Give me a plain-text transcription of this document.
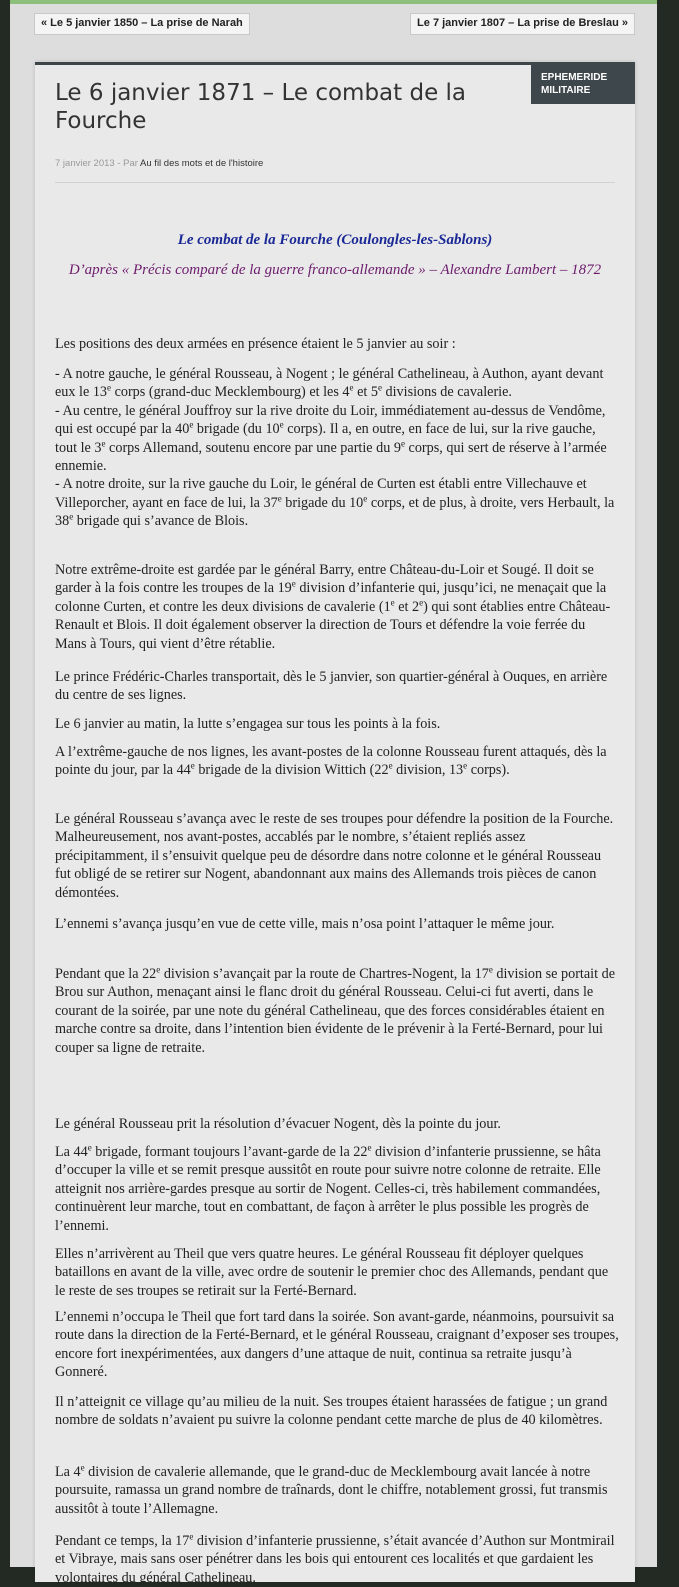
« Le 5 janvier 1850 – La prise de Narah	Le 7 janvier 1807 – La prise de Breslau »
EPHEMERIDE
MILITAIRE
Le 6 janvier 1871 – Le combat de la Fourche
7 janvier 2013 - Par Au fil des mots et de l'histoire
Le combat de la Fourche (Coulongles-les-Sablons)
D’après « Précis comparé de la guerre franco-allemande » – Alexandre Lambert – 1872

Les positions des deux armées en présence étaient le 5 janvier au soir :

- A notre gauche, le général Rousseau, à Nogent ; le général Cathelineau, à Authon, ayant devant eux le 13e corps (grand-duc Mecklembourg) et les 4e et 5e divisions de cavalerie.
- Au centre, le général Jouffroy sur la rive droite du Loir, immédiatement au-dessus de Vendôme, qui est occupé par la 40e brigade (du 10e corps). Il a, en outre, en face de lui, sur la rive gauche, tout le 3e corps Allemand, soutenu encore par une partie du 9e corps, qui sert de réserve à l’armée ennemie.
- A notre droite, sur la rive gauche du Loir, le général de Curten est établi entre Villechauve et Villeporcher, ayant en face de lui, la 37e brigade du 10e corps, et de plus, à droite, vers Herbault, la 38e brigade qui s’avance de Blois.

Notre extrême-droite est gardée par le général Barry, entre Château-du-Loir et Sougé. Il doit se garder à la fois contre les troupes de la 19e division d’infanterie qui, jusqu’ici, ne menaçait que la colonne Curten, et contre les deux divisions de cavalerie (1e et 2e) qui sont établies entre Château-Renault et Blois. Il doit également observer la direction de Tours et défendre la voie ferrée du Mans à Tours, qui vient d’être rétablie.

Le prince Frédéric-Charles transportait, dès le 5 janvier, son quartier-général à Ouques, en arrière du centre de ses lignes.

Le 6 janvier au matin, la lutte s’engagea sur tous les points à la fois.

A l’extrême-gauche de nos lignes, les avant-postes de la colonne Rousseau furent attaqués, dès la pointe du jour, par la 44e brigade de la division Wittich (22e division, 13e corps).

Le général Rousseau s’avança avec le reste de ses troupes pour défendre la position de la Fourche. Malheureusement, nos avant-postes, accablés par le nombre, s’étaient repliés assez précipitamment, il s’ensuivit quelque peu de désordre dans notre colonne et le général Rousseau fut obligé de se retirer sur Nogent, abandonnant aux mains des Allemands trois pièces de canon démontées.

L’ennemi s’avança jusqu’en vue de cette ville, mais n’osa point l’attaquer le même jour.

Pendant que la 22e division s’avançait par la route de Chartres-Nogent, la 17e division se portait de Brou sur Authon, menaçant ainsi le flanc droit du général Rousseau. Celui-ci fut averti, dans le courant de la soirée, par une note du général Cathelineau, que des forces considérables étaient en marche contre sa droite, dans l’intention bien évidente de le prévenir à la Ferté-Bernard, pour lui couper sa ligne de retraite.

Le général Rousseau prit la résolution d’évacuer Nogent, dès la pointe du jour.

La 44e brigade, formant toujours l’avant-garde de la 22e division d’infanterie prussienne, se hâta d’occuper la ville et se remit presque aussitôt en route pour suivre notre colonne de retraite. Elle atteignit nos arrière-gardes presque au sortir de Nogent. Celles-ci, très habilement commandées, continuèrent leur marche, tout en combattant, de façon à arrêter le plus possible les progrès de l’ennemi.

Elles n’arrivèrent au Theil que vers quatre heures. Le général Rousseau fit déployer quelques bataillons en avant de la ville, avec ordre de soutenir le premier choc des Allemands, pendant que le reste de ses troupes se retirait sur la Ferté-Bernard.

L’ennemi n’occupa le Theil que fort tard dans la soirée. Son avant-garde, néanmoins, poursuivit sa route dans la direction de la Ferté-Bernard, et le général Rousseau, craignant d’exposer ses troupes, encore fort inexpérimentées, aux dangers d’une attaque de nuit, continua sa retraite jusqu’à Gonneré.

Il n’atteignit ce village qu’au milieu de la nuit. Ses troupes étaient harassées de fatigue ; un grand nombre de soldats n’avaient pu suivre la colonne pendant cette marche de plus de 40 kilomètres.

La 4e division de cavalerie allemande, que le grand-duc de Mecklembourg avait lancée à notre poursuite, ramassa un grand nombre de traînards, dont le chiffre, notablement grossi, fut transmis aussitôt à toute l’Allemagne.

Pendant ce temps, la 17e division d’infanterie prussienne, s’était avancée d’Authon sur Montmirail et Vibraye, mais sans oser pénétrer dans les bois qui entourent ces localités et que gardaient les volontaires du général Cathelineau.
